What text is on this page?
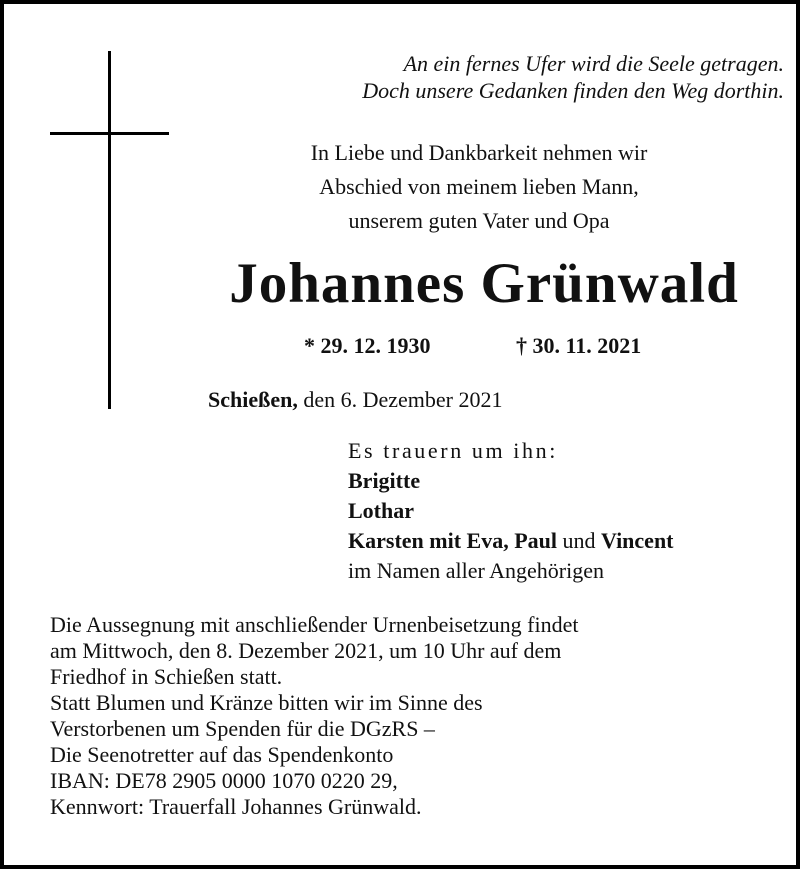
An ein fernes Ufer wird die Seele getragen.
Doch unsere Gedanken finden den Weg dorthin.
In Liebe und Dankbarkeit nehmen wir
Abschied von meinem lieben Mann,
unserem guten Vater und Opa
Johannes Grünwald
* 29. 12. 1930	† 30. 11. 2021
Schießen, den 6. Dezember 2021
Es trauern um ihn:
Brigitte
Lothar
Karsten mit Eva, Paul und Vincent
im Namen aller Angehörigen
Die Aussegnung mit anschließender Urnenbeisetzung findet
am Mittwoch, den 8. Dezember 2021, um 10 Uhr auf dem
Friedhof in Schießen statt.
Statt Blumen und Kränze bitten wir im Sinne des
Verstorbenen um Spenden für die DGzRS –
Die Seenotretter auf das Spendenkonto
IBAN: DE78 2905 0000 1070 0220 29,
Kennwort: Trauerfall Johannes Grünwald.
